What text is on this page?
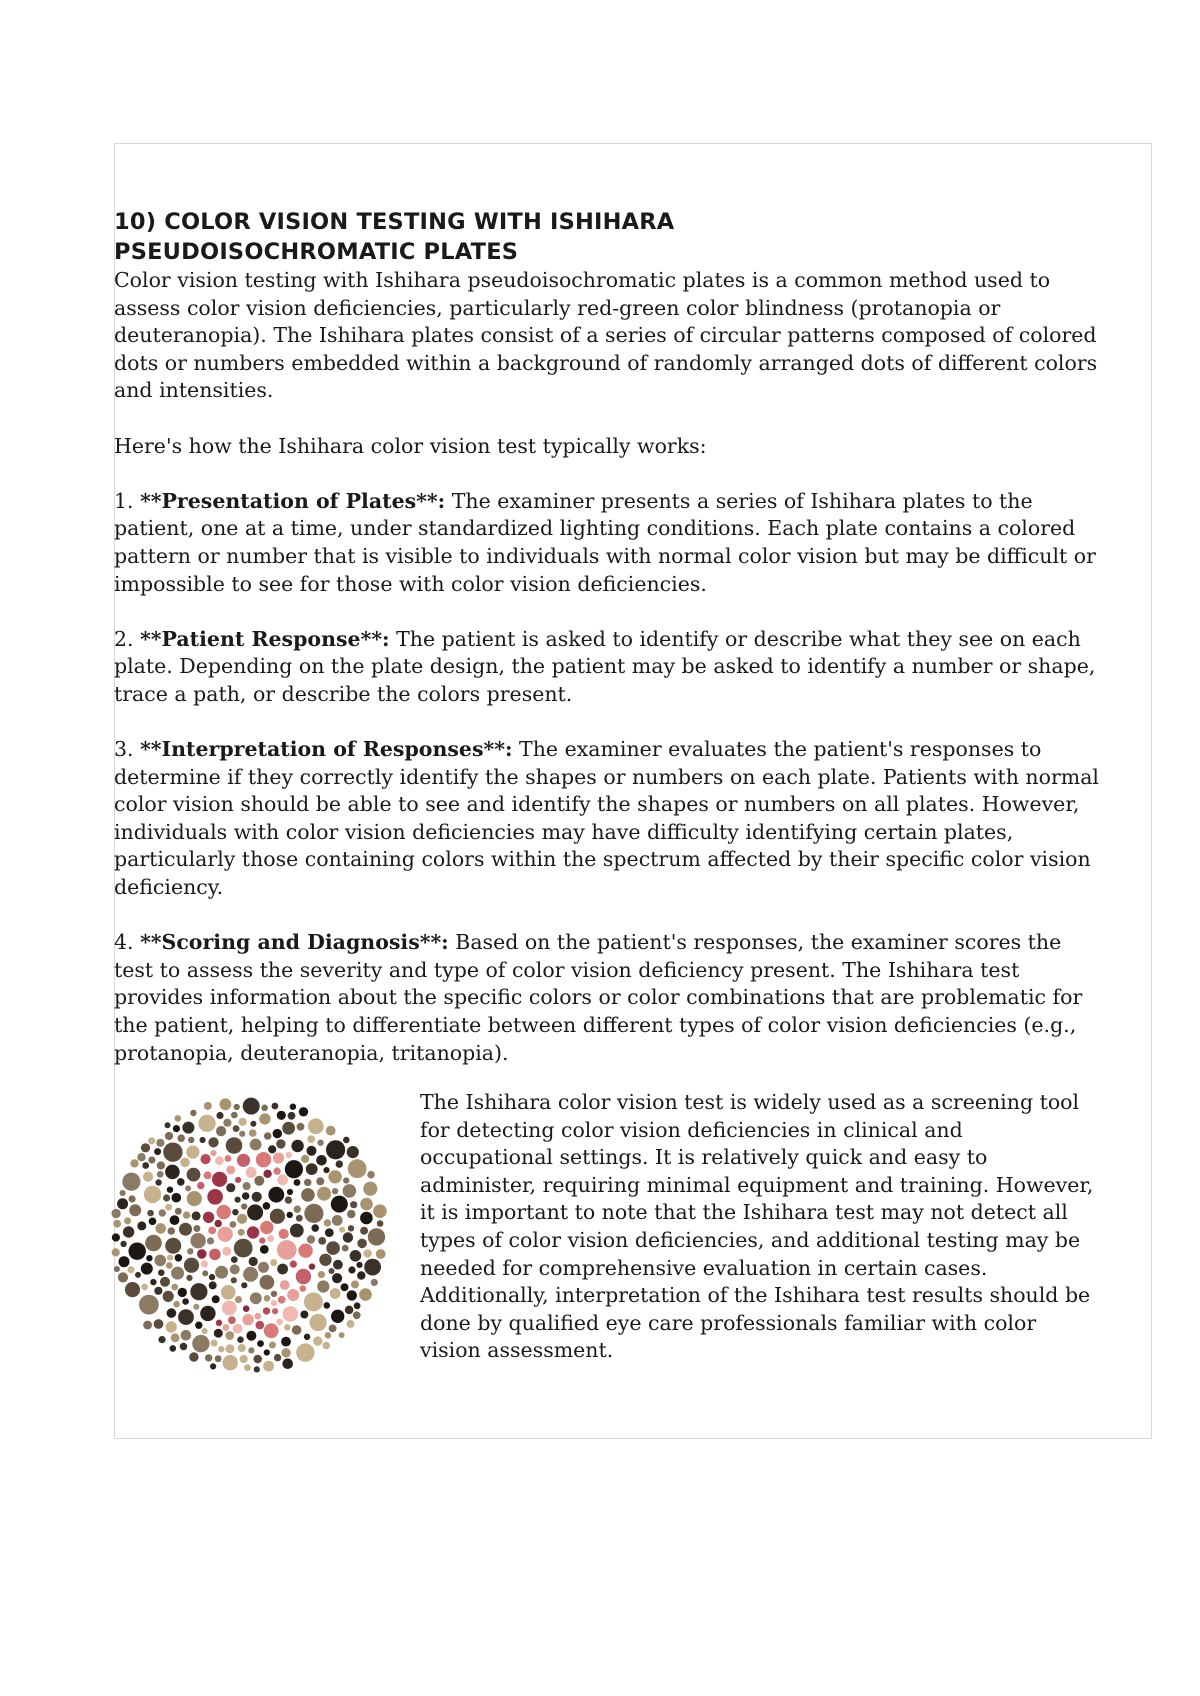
10) COLOR VISION TESTING WITH ISHIHARA
PSEUDOISOCHROMATIC PLATES

Color vision testing with Ishihara pseudoisochromatic plates is a common method used to assess color vision deficiencies, particularly red-green color blindness (protanopia or deuteranopia). The Ishihara plates consist of a series of circular patterns composed of colored dots or numbers embedded within a background of randomly arranged dots of different colors and intensities.

Here's how the Ishihara color vision test typically works:

1. **Presentation of Plates**: The examiner presents a series of Ishihara plates to the patient, one at a time, under standardized lighting conditions. Each plate contains a colored pattern or number that is visible to individuals with normal color vision but may be difficult or impossible to see for those with color vision deficiencies.

2. **Patient Response**: The patient is asked to identify or describe what they see on each plate. Depending on the plate design, the patient may be asked to identify a number or shape, trace a path, or describe the colors present.

3. **Interpretation of Responses**: The examiner evaluates the patient's responses to determine if they correctly identify the shapes or numbers on each plate. Patients with normal color vision should be able to see and identify the shapes or numbers on all plates. However, individuals with color vision deficiencies may have difficulty identifying certain plates, particularly those containing colors within the spectrum affected by their specific color vision deficiency.

4. **Scoring and Diagnosis**: Based on the patient's responses, the examiner scores the test to assess the severity and type of color vision deficiency present. The Ishihara test provides information about the specific colors or color combinations that are problematic for the patient, helping to differentiate between different types of color vision deficiencies (e.g., protanopia, deuteranopia, tritanopia).

The Ishihara color vision test is widely used as a screening tool for detecting color vision deficiencies in clinical and occupational settings. It is relatively quick and easy to administer, requiring minimal equipment and training. However, it is important to note that the Ishihara test may not detect all types of color vision deficiencies, and additional testing may be needed for comprehensive evaluation in certain cases. Additionally, interpretation of the Ishihara test results should be done by qualified eye care professionals familiar with color vision assessment.
